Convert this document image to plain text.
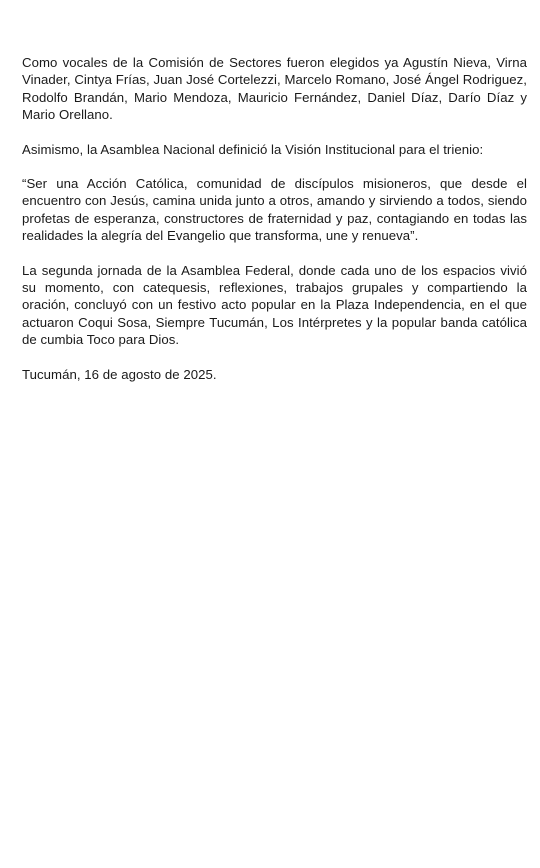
Como vocales de la Comisión de Sectores fueron elegidos ya Agustín Nieva, Virna Vinader, Cintya Frías, Juan José Cortelezzi, Marcelo Romano, José Ángel Rodriguez, Rodolfo Brandán, Mario Mendoza, Mauricio Fernández, Daniel Díaz, Darío Díaz y Mario Orellano.

Asimismo, la Asamblea Nacional definició la Visión Institucional para el trienio:

“Ser una Acción Católica, comunidad de discípulos misioneros, que desde el encuentro con Jesús, camina unida junto a otros, amando y sirviendo a todos, siendo profetas de esperanza, constructores de fraternidad y paz, contagiando en todas las realidades la alegría del Evangelio que transforma, une y renueva”.

La segunda jornada de la Asamblea Federal, donde cada uno de los espacios vivió su momento, con catequesis, reflexiones, trabajos grupales y compartiendo la oración, concluyó con un festivo acto popular en la Plaza Independencia, en el que actuaron Coqui Sosa, Siempre Tucumán, Los Intérpretes y la popular banda católica de cumbia Toco para Dios.

Tucumán, 16 de agosto de 2025.
